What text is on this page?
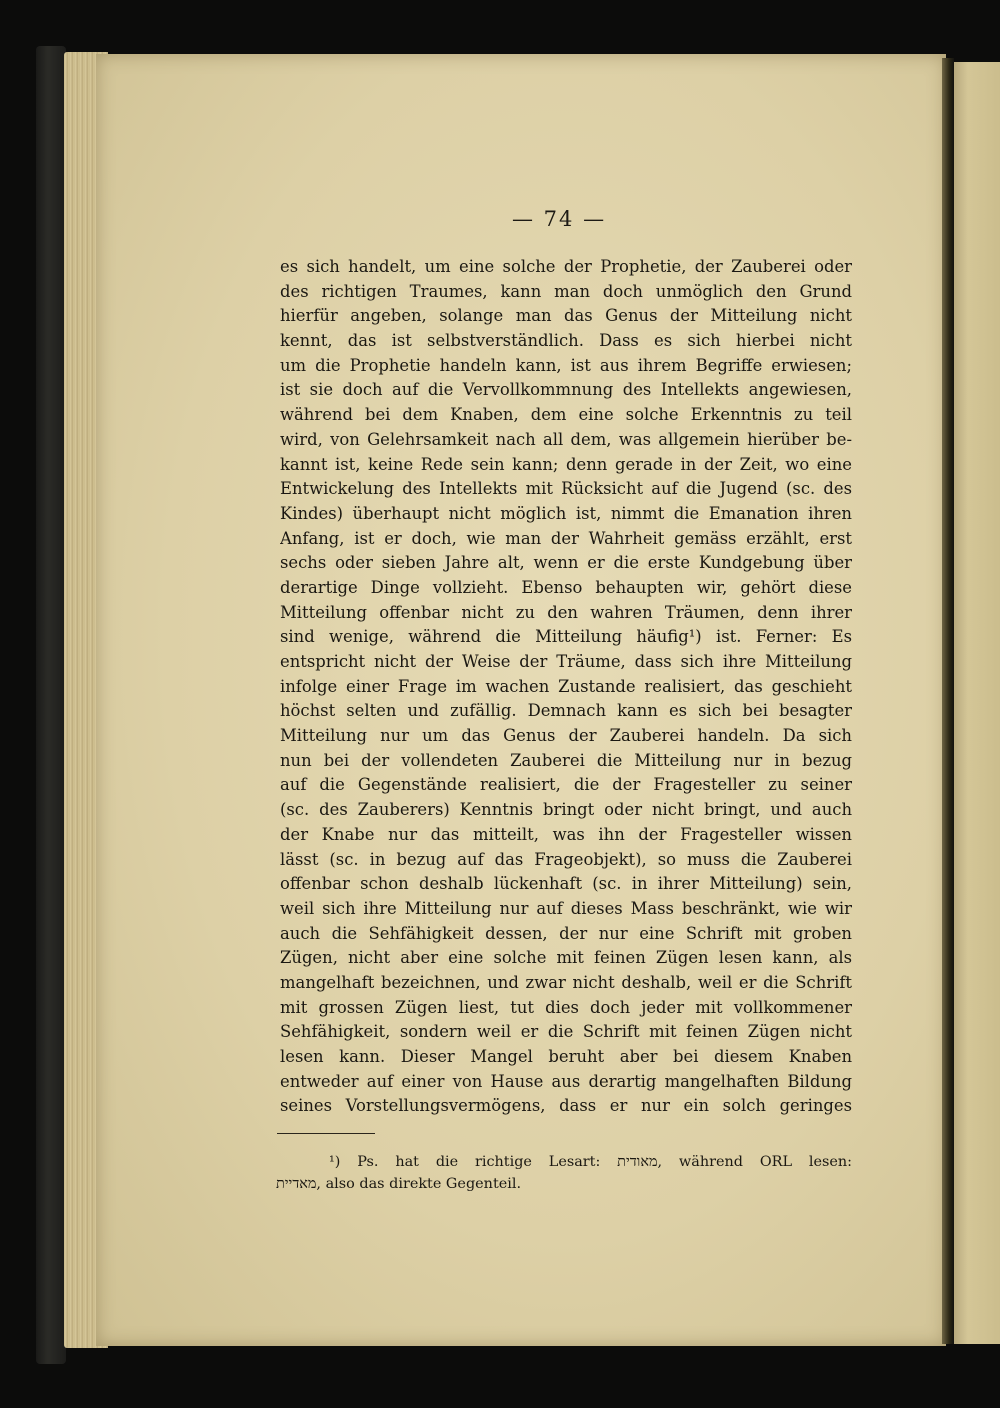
— 74 —
es sich handelt, um eine solche der Prophetie, der Zauberei oder
des richtigen Traumes, kann man doch unmöglich den Grund
hierfür angeben, solange man das Genus der Mitteilung nicht
kennt, das ist selbstverständlich. Dass es sich hierbei nicht
um die Prophetie handeln kann, ist aus ihrem Begriffe erwiesen;
ist sie doch auf die Vervollkommnung des Intellekts angewiesen,
während bei dem Knaben, dem eine solche Erkenntnis zu teil
wird, von Gelehrsamkeit nach all dem, was allgemein hierüber be-
kannt ist, keine Rede sein kann; denn gerade in der Zeit, wo eine
Entwickelung des Intellekts mit Rücksicht auf die Jugend (sc. des
Kindes) überhaupt nicht möglich ist, nimmt die Emanation ihren
Anfang, ist er doch, wie man der Wahrheit gemäss erzählt, erst
sechs oder sieben Jahre alt, wenn er die erste Kundgebung über
derartige Dinge vollzieht. Ebenso behaupten wir, gehört diese
Mitteilung offenbar nicht zu den wahren Träumen, denn ihrer
sind wenige, während die Mitteilung häufig¹) ist. Ferner: Es
entspricht nicht der Weise der Träume, dass sich ihre Mitteilung
infolge einer Frage im wachen Zustande realisiert, das geschieht
höchst selten und zufällig. Demnach kann es sich bei besagter
Mitteilung nur um das Genus der Zauberei handeln. Da sich
nun bei der vollendeten Zauberei die Mitteilung nur in bezug
auf die Gegenstände realisiert, die der Fragesteller zu seiner
(sc. des Zauberers) Kenntnis bringt oder nicht bringt, und auch
der Knabe nur das mitteilt, was ihn der Fragesteller wissen
lässt (sc. in bezug auf das Frageobjekt), so muss die Zauberei
offenbar schon deshalb lückenhaft (sc. in ihrer Mitteilung) sein,
weil sich ihre Mitteilung nur auf dieses Mass beschränkt, wie wir
auch die Sehfähigkeit dessen, der nur eine Schrift mit groben
Zügen, nicht aber eine solche mit feinen Zügen lesen kann, als
mangelhaft bezeichnen, und zwar nicht deshalb, weil er die Schrift
mit grossen Zügen liest, tut dies doch jeder mit vollkommener
Sehfähigkeit, sondern weil er die Schrift mit feinen Zügen nicht
lesen kann. Dieser Mangel beruht aber bei diesem Knaben
entweder auf einer von Hause aus derartig mangelhaften Bildung
seines Vorstellungsvermögens, dass er nur ein solch geringes
¹) Ps. hat die richtige Lesart: מאודית, während ORL lesen:
מאדיית, also das direkte Gegenteil.
